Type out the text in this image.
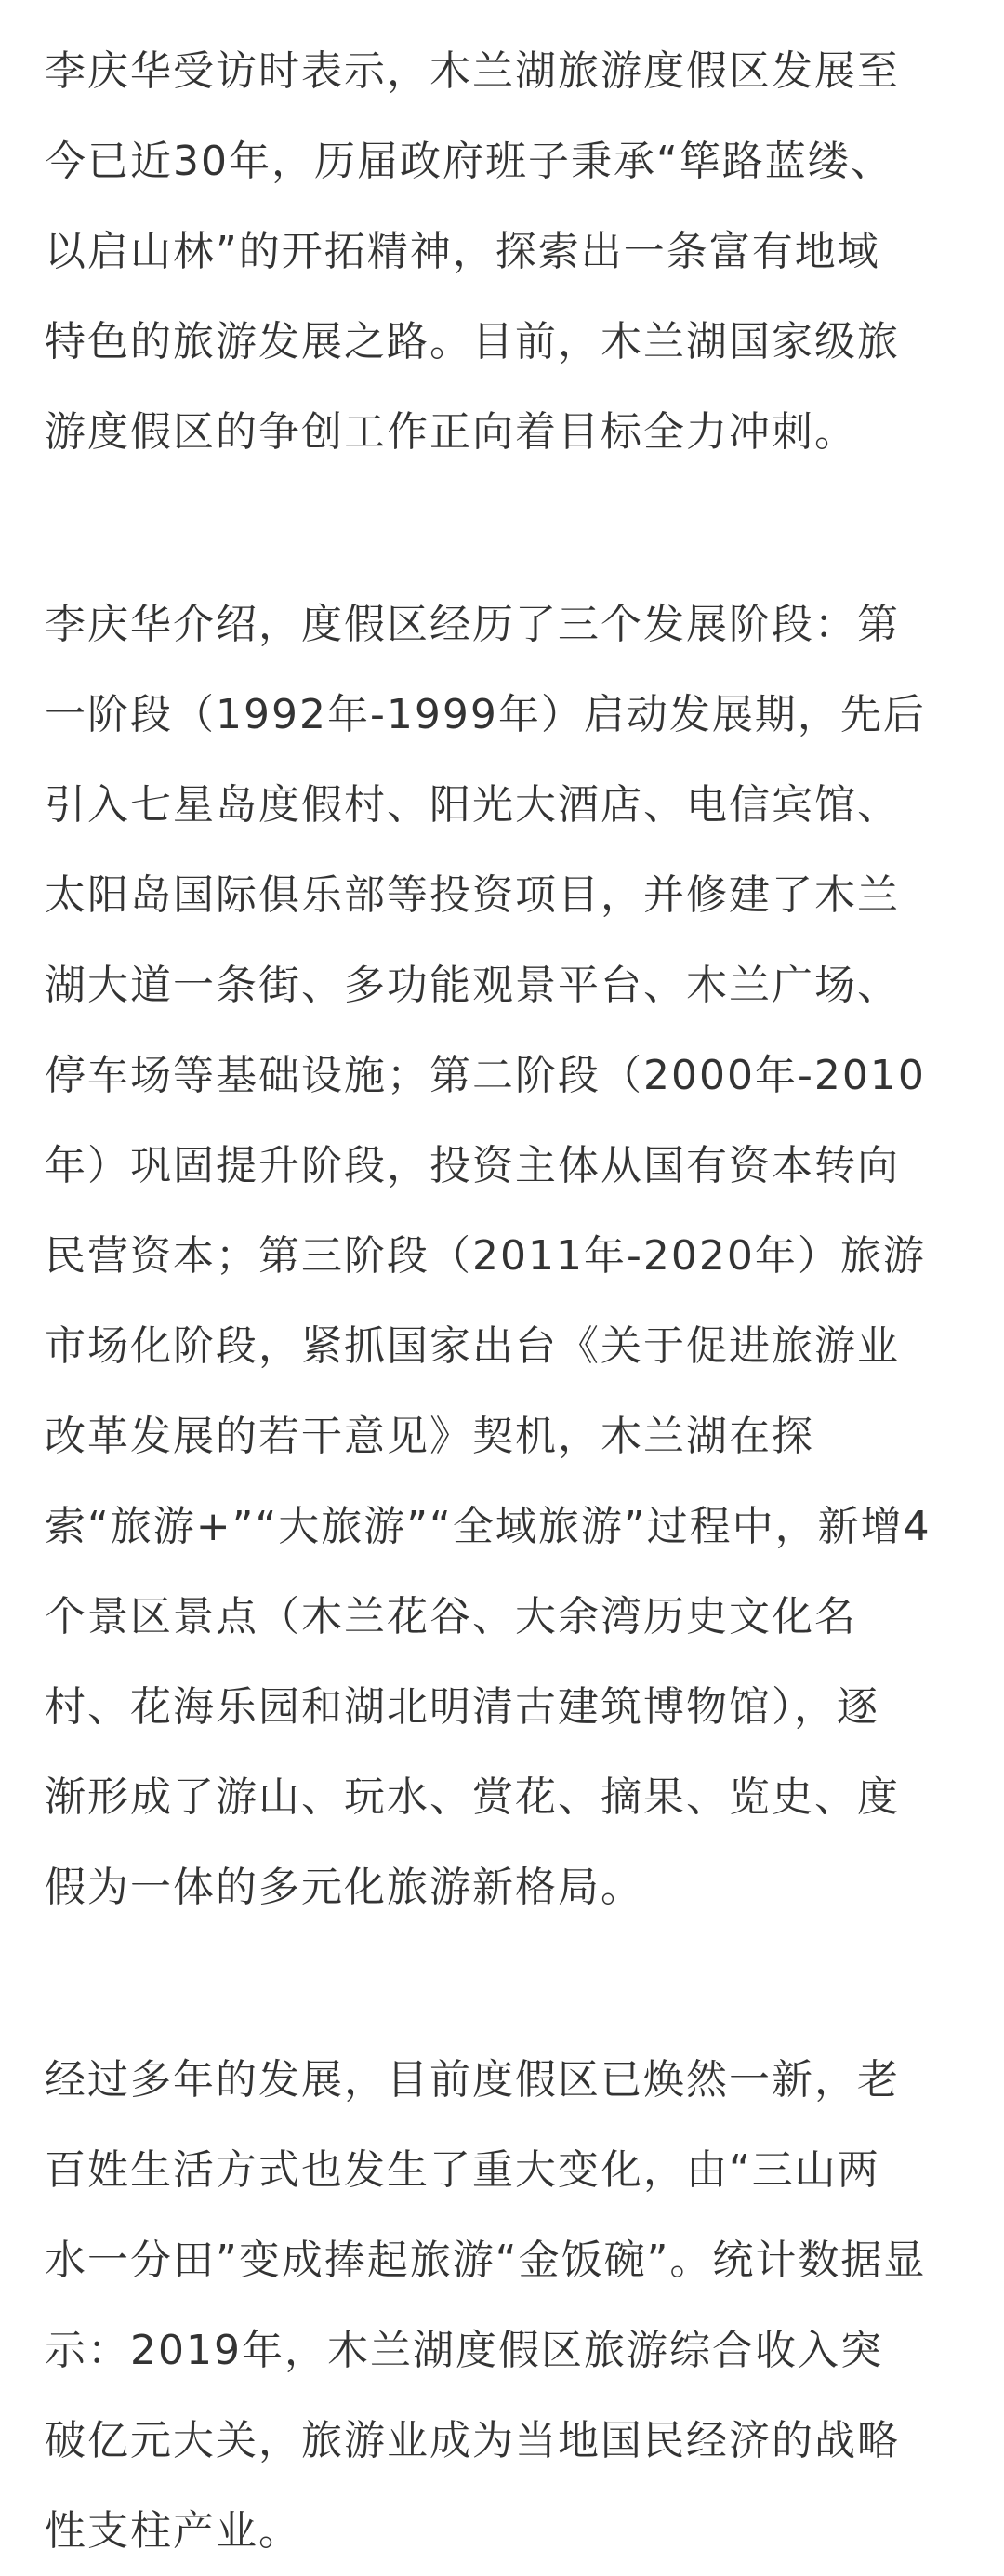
李庆华受访时表示，木兰湖旅游度假区发展至
今已近30年，历届政府班子秉承“筚路蓝缕、
以启山林”的开拓精神，探索出一条富有地域
特色的旅游发展之路。目前，木兰湖国家级旅
游度假区的争创工作正向着目标全力冲刺。

李庆华介绍，度假区经历了三个发展阶段：第
一阶段（1992年-1999年）启动发展期，先后
引入七星岛度假村、阳光大酒店、电信宾馆、
太阳岛国际俱乐部等投资项目，并修建了木兰
湖大道一条街、多功能观景平台、木兰广场、
停车场等基础设施；第二阶段（2000年-2010
年）巩固提升阶段，投资主体从国有资本转向
民营资本；第三阶段（2011年-2020年）旅游
市场化阶段，紧抓国家出台《关于促进旅游业
改革发展的若干意见》契机，木兰湖在探
索“旅游+”“大旅游”“全域旅游”过程中，新增4
个景区景点（木兰花谷、大余湾历史文化名
村、花海乐园和湖北明清古建筑博物馆），逐
渐形成了游山、玩水、赏花、摘果、览史、度
假为一体的多元化旅游新格局。

经过多年的发展，目前度假区已焕然一新，老
百姓生活方式也发生了重大变化，由“三山两
水一分田”变成捧起旅游“金饭碗”。统计数据显
示：2019年，木兰湖度假区旅游综合收入突
破亿元大关，旅游业成为当地国民经济的战略
性支柱产业。
